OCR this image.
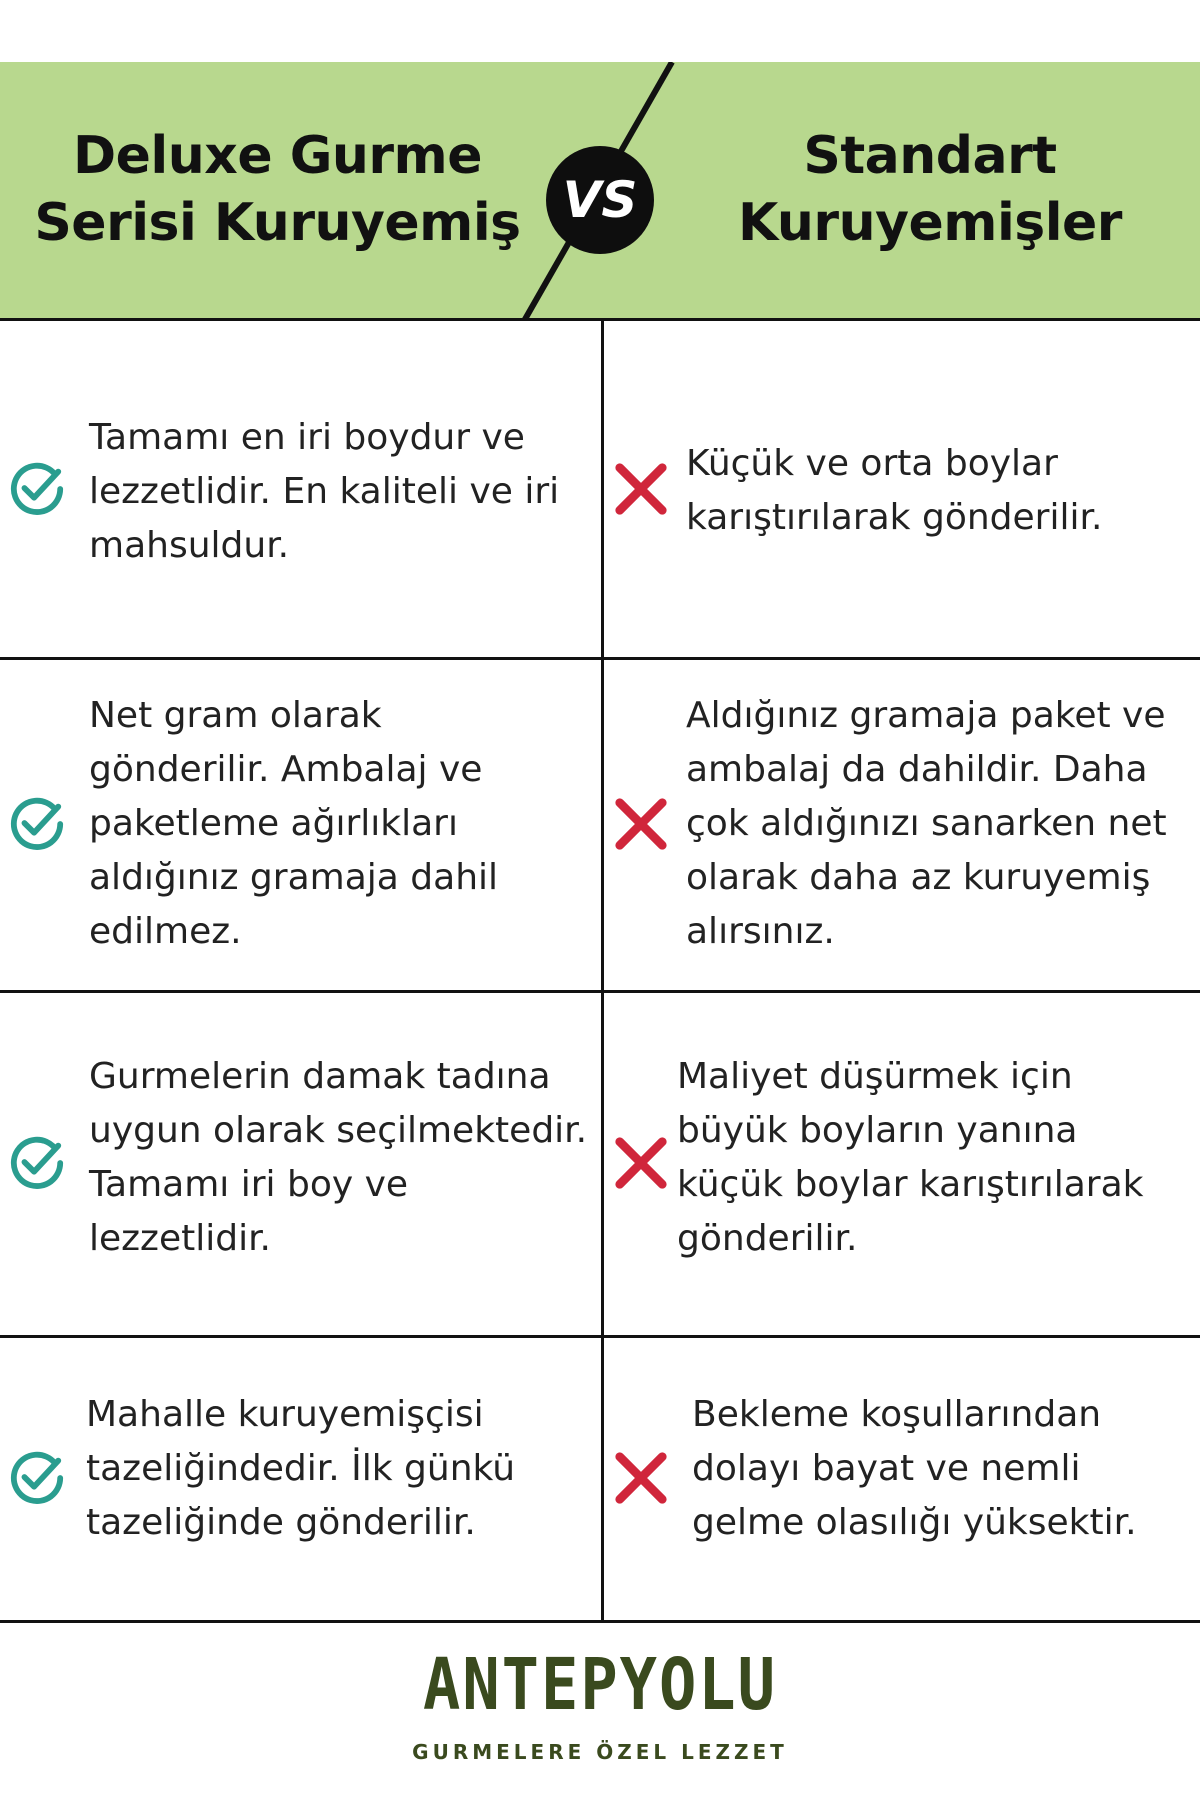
Deluxe Gurme
Serisi Kuruyemiş VS
Standart
Kuruyemişler
Tamamı en iri boydur ve lezzetlidir. En kaliteli ve iri mahsuldur.
Küçük ve orta boylar karıştırılarak gönderilir.
Net gram olarak gönderilir. Ambalaj ve paketleme ağırlıkları aldığınız gramaja dahil edilmez.
Aldığınız gramaja paket ve ambalaj da dahildir. Daha çok aldığınızı sanarken net olarak daha az kuruyemiş alırsınız.
Gurmelerin damak tadına uygun olarak seçilmektedir. Tamamı iri boy ve lezzetlidir.
Maliyet düşürmek için büyük boyların yanına küçük boylar karıştırılarak gönderilir.
Mahalle kuruyemişçisi tazeliğindedir. İlk günkü tazeliğinde gönderilir.
Bekleme koşullarından dolayı bayat ve nemli gelme olasılığı yüksektir.
ANTEPYOLU
GURMELERE ÖZEL LEZZET
